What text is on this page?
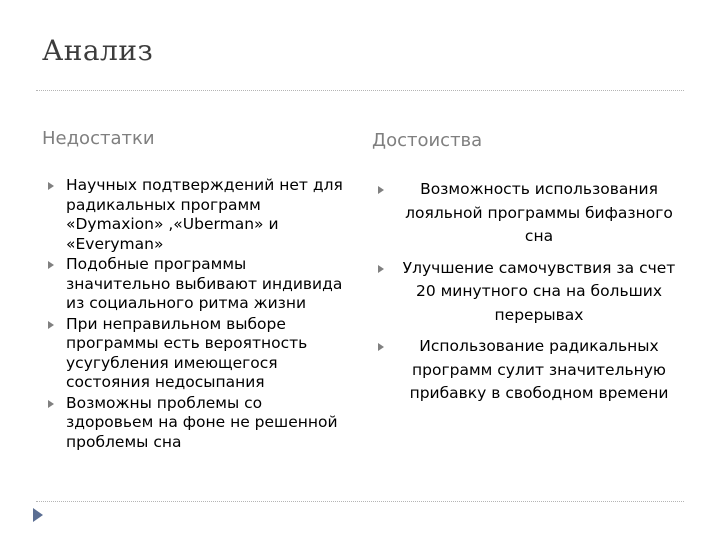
Анализ
Недостатки
Научных подтверждений нет для радикальных программ «Dymaxion» ,«Uberman» и «Everyman»
Подобные программы значительно выбивают индивида из социального ритма жизни
При неправильном выборе программы есть вероятность усугубления имеющегося состояния недосыпания
Возможны проблемы со здоровьем на фоне не решенной проблемы сна
Достоиства
Возможность использования лояльной программы бифазного сна
Улучшение самочувствия за счет 20 минутного сна на больших перерывах
Использование радикальных программ сулит значительную прибавку в свободном времени
